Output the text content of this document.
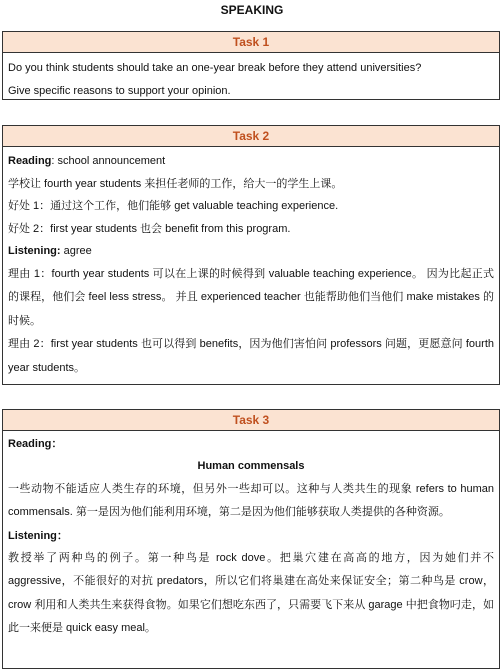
SPEAKING
Task 1
Do you think students should take an one-year break before they attend universities?
Give specific reasons to support your opinion.
Task 2
Reading: school announcement
学校让 fourth year students 来担任老师的工作，给大一的学生上课。
好处 1：通过这个工作，他们能够 get valuable teaching experience.
好处 2：first year students 也会 benefit from this program.
Listening: agree
理由 1：fourth year students 可以在上课的时候得到 valuable teaching experience。 因为比起正式的课程，他们会 feel less stress。 并且 experienced teacher 也能帮助他们当他们 make mistakes 的时候。
理由 2：first year students 也可以得到 benefits，因为他们害怕问 professors 问题，更愿意问 fourth year students。
Task 3
Reading：
Human commensals
一些动物不能适应人类生存的环境，但另外一些却可以。这种与人类共生的现象 refers to human commensals. 第一是因为他们能利用环境，第二是因为他们能够获取人类提供的各种资源。
Listening：
教授举了两种鸟的例子。第一种鸟是 rock dove。把巢穴建在高高的地方，因为她们并不 aggressive，不能很好的对抗 predators，所以它们将巢建在高处来保证安全；第二种鸟是 crow，crow 利用和人类共生来获得食物。如果它们想吃东西了，只需要飞下来从 garage 中把食物叼走，如此一来便是 quick easy meal。
